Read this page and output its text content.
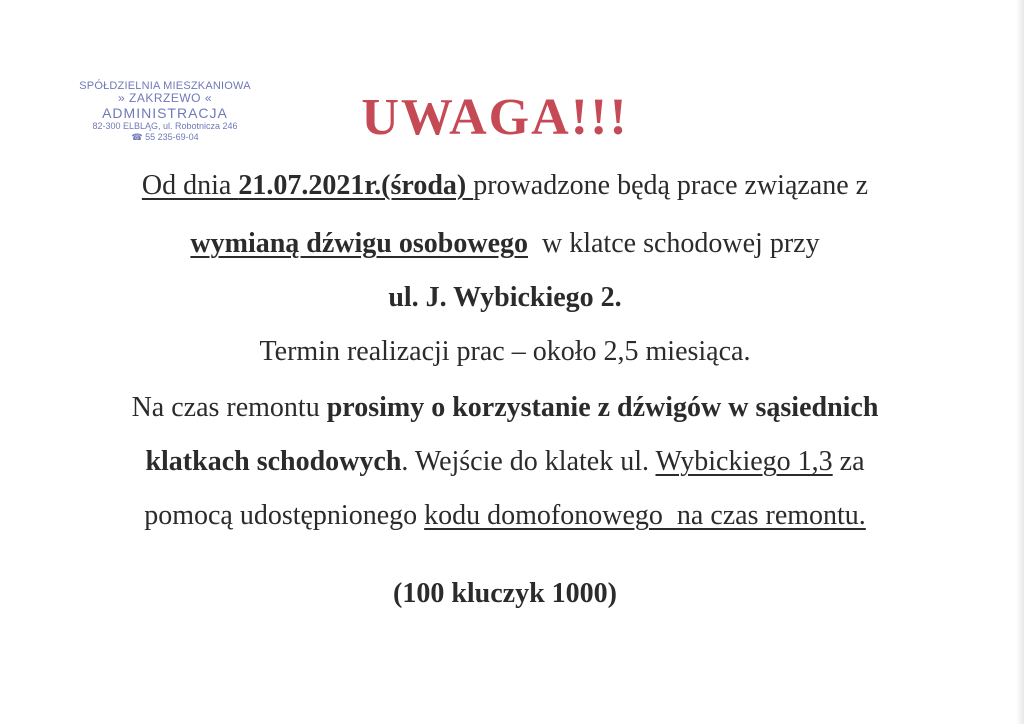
SPÓŁDZIELNIA MIESZKANIOWA
» ZAKRZEWO «
ADMINISTRACJA
82-300 ELBLĄG, ul. Robotnicza 246
☎ 55 235-69-04	UWAGA!!!
Od dnia 21.07.2021r.(środa) prowadzone będą prace związane z
wymianą dźwigu osobowego  w klatce schodowej przy
ul. J. Wybickiego 2.
Termin realizacji prac – około 2,5 miesiąca.
Na czas remontu prosimy o korzystanie z dźwigów w sąsiednich
klatkach schodowych. Wejście do klatek ul. Wybickiego 1,3 za
pomocą udostępnionego kodu domofonowego  na czas remontu.
(100 kluczyk 1000)
